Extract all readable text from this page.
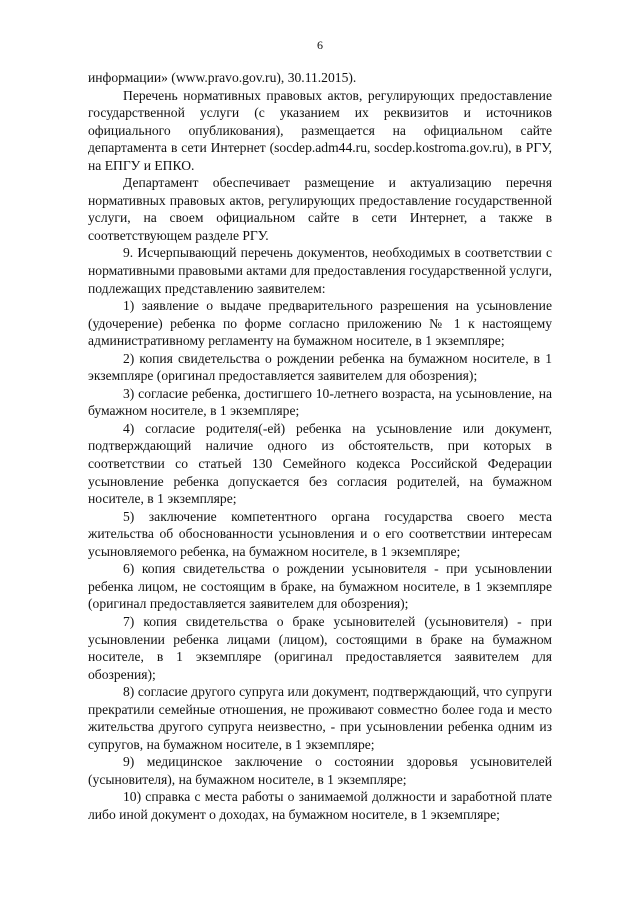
6

информации» (www.pravo.gov.ru), 30.11.2015).

Перечень нормативных правовых актов, регулирующих предоставление государственной услуги (с указанием их реквизитов и источников официального опубликования), размещается на официальном сайте департамента в сети Интернет (socdep.adm44.ru, socdep.kostroma.gov.ru), в РГУ, на ЕПГУ и ЕПКО.

Департамент обеспечивает размещение и актуализацию перечня нормативных правовых актов, регулирующих предоставление государственной услуги, на своем официальном сайте в сети Интернет, а также в соответствующем разделе РГУ.

9. Исчерпывающий перечень документов, необходимых в соответствии с нормативными правовыми актами для предоставления государственной услуги, подлежащих представлению заявителем:

1) заявление о выдаче предварительного разрешения на усыновление (удочерение) ребенка по форме согласно приложению № 1 к настоящему административному регламенту на бумажном носителе, в 1 экземпляре;

2) копия свидетельства о рождении ребенка на бумажном носителе, в 1 экземпляре (оригинал предоставляется заявителем для обозрения);

3) согласие ребенка, достигшего 10-летнего возраста, на усыновление, на бумажном носителе, в 1 экземпляре;

4) согласие родителя(-ей) ребенка на усыновление или документ, подтверждающий наличие одного из обстоятельств, при которых в соответствии со статьей 130 Семейного кодекса Российской Федерации усыновление ребенка допускается без согласия родителей, на бумажном носителе, в 1 экземпляре;

5) заключение компетентного органа государства своего места жительства об обоснованности усыновления и о его соответствии интересам усыновляемого ребенка, на бумажном носителе, в 1 экземпляре;

6) копия свидетельства о рождении усыновителя - при усыновлении ребенка лицом, не состоящим в браке, на бумажном носителе, в 1 экземпляре (оригинал предоставляется заявителем для обозрения);

7) копия свидетельства о браке усыновителей (усыновителя) - при усыновлении ребенка лицами (лицом), состоящими в браке на бумажном носителе, в 1 экземпляре (оригинал предоставляется заявителем для обозрения);

8) согласие другого супруга или документ, подтверждающий, что супруги прекратили семейные отношения, не проживают совместно более года и место жительства другого супруга неизвестно, - при усыновлении ребенка одним из супругов, на бумажном носителе, в 1 экземпляре;

9) медицинское заключение о состоянии здоровья усыновителей (усыновителя), на бумажном носителе, в 1 экземпляре;

10) справка с места работы о занимаемой должности и заработной плате либо иной документ о доходах, на бумажном носителе, в 1 экземпляре;
